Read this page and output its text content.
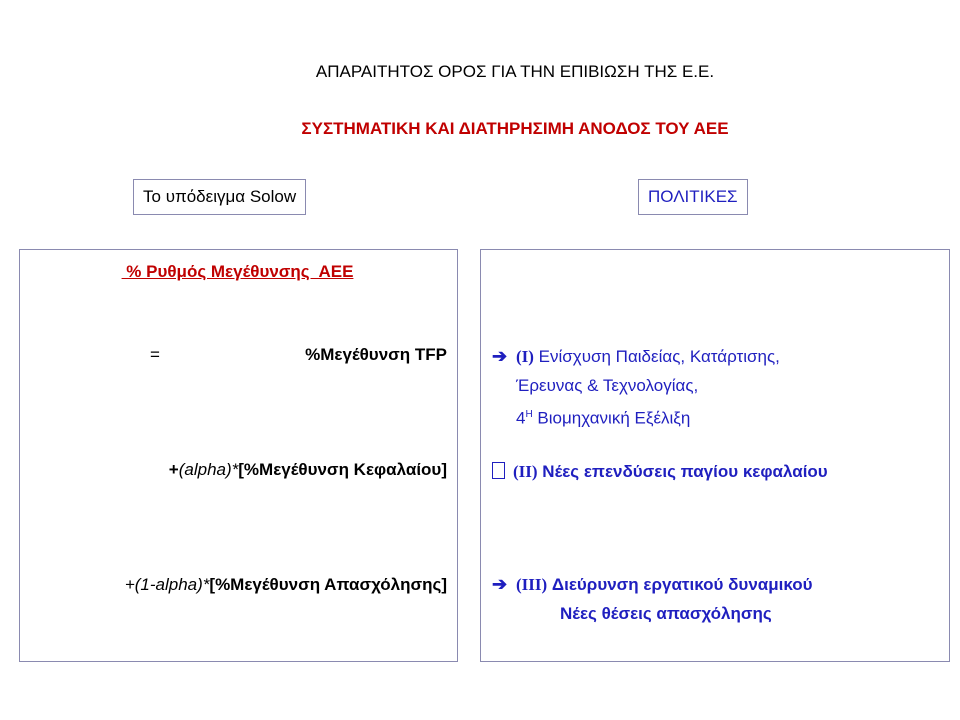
ΑΠΑΡΑΙΤΗΤΟΣ ΟΡΟΣ ΓΙΑ ΤΗΝ ΕΠΙΒΙΩΣΗ ΤΗΣ Ε.Ε.
ΣΥΣΤΗΜΑΤΙΚΗ ΚΑΙ ΔΙΑΤΗΡΗΣΙΜΗ ΑΝΟΔΟΣ ΤΟΥ ΑΕΕ
Το υπόδειγμα Solow	ΠΟΛΙΤΙΚΕΣ
% Ρυθμός Μεγέθυνσης  ΑΕΕ
=	%Μεγέθυνση TFP
+(alpha)*[%Μεγέθυνση Κεφαλαίου]
+(1-alpha)*[%Μεγέθυνση Απασχόλησης]
➔ (I) Ενίσχυση Παιδείας, Κατάρτισης,
Έρευνας & Τεχνολογίας,
$4^H$ Βιομηχανική Εξέλιξη
(II) Νέες επενδύσεις παγίου κεφαλαίου
➔ (III) Διεύρυνση εργατικού δυναμικού
Νέες θέσεις απασχόλησης
